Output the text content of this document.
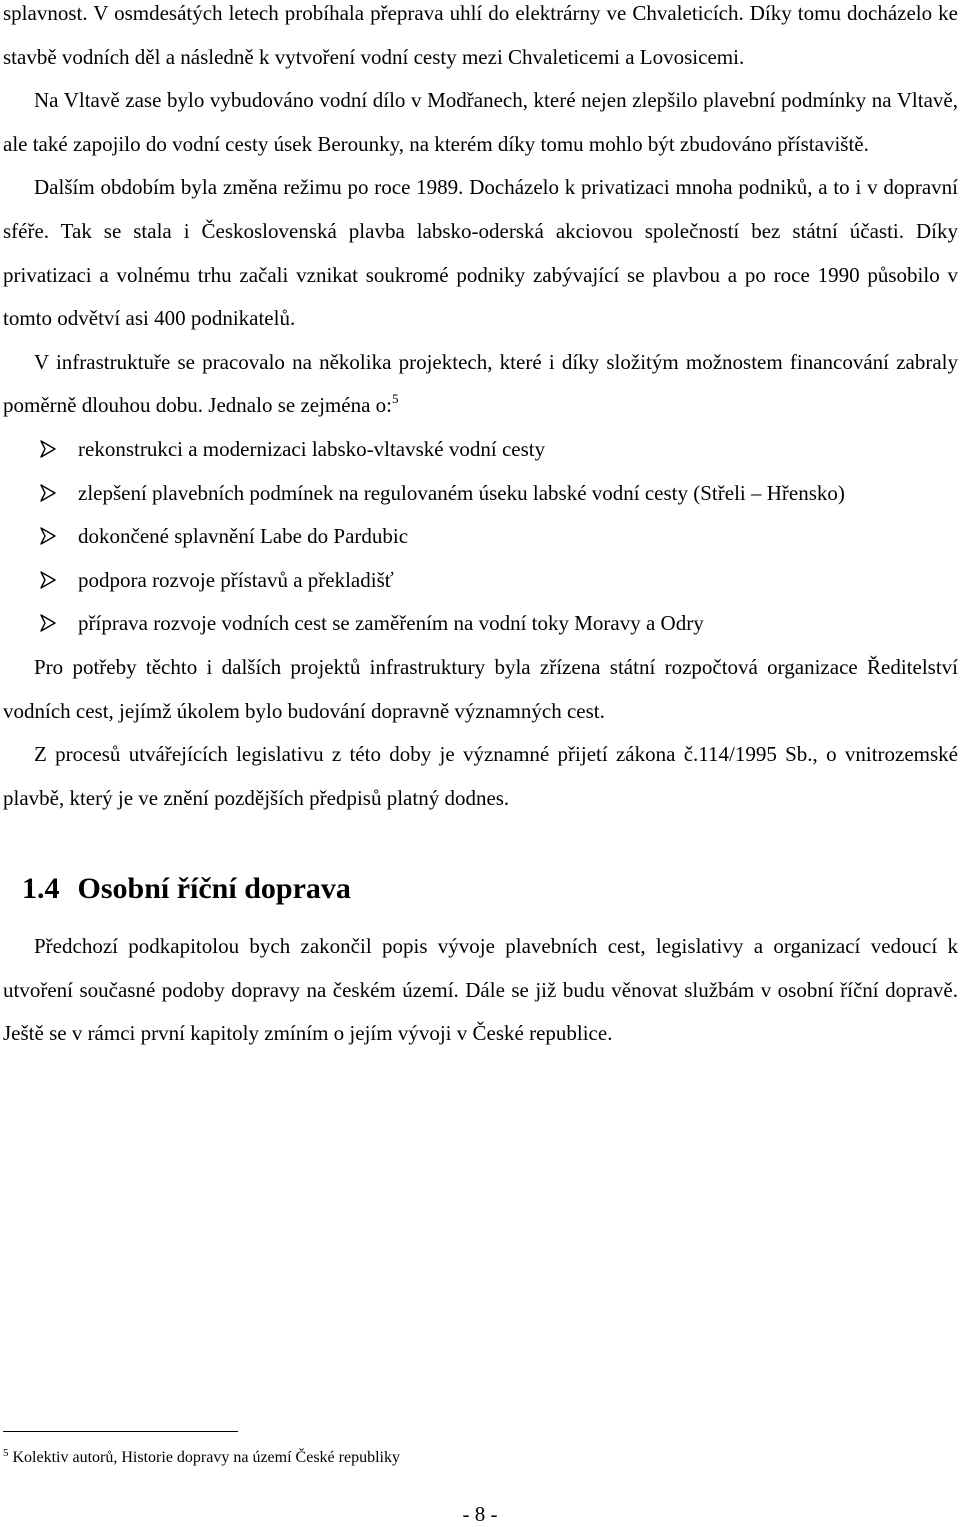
splavnost. V osmdesátých letech probíhala přeprava uhlí do elektrárny ve Chvaleticích. Díky tomu docházelo ke stavbě vodních děl a následně k vytvoření vodní cesty mezi Chvaleticemi a Lovosicemi.

Na Vltavě zase bylo vybudováno vodní dílo v Modřanech, které nejen zlepšilo plavební podmínky na Vltavě, ale také zapojilo do vodní cesty úsek Berounky, na kterém díky tomu mohlo být zbudováno přístaviště.

Dalším obdobím byla změna režimu po roce 1989. Docházelo k privatizaci mnoha podniků, a to i v dopravní sféře. Tak se stala i Československá plavba labsko-oderská akciovou společností bez státní účasti. Díky privatizaci a volnému trhu začali vznikat soukromé podniky zabývající se plavbou a po roce 1990 působilo v tomto odvětví asi 400 podnikatelů.

V infrastruktuře se pracovalo na několika projektech, které i díky složitým možnostem financování zabraly poměrně dlouhou dobu. Jednalo se zejména o:$^5$

rekonstrukci a modernizaci labsko-vltavské vodní cesty
zlepšení plavebních podmínek na regulovaném úseku labské vodní cesty (Střeli – Hřensko)
dokončené splavnění Labe do Pardubic
podpora rozvoje přístavů a překladišť
příprava rozvoje vodních cest se zaměřením na vodní toky Moravy a Odry

Pro potřeby těchto i dalších projektů infrastruktury byla zřízena státní rozpočtová organizace Ředitelství vodních cest, jejímž úkolem bylo budování dopravně významných cest.

Z procesů utvářejících legislativu z této doby je významné přijetí zákona č.114/1995 Sb., o vnitrozemské plavbě, který je ve znění pozdějších předpisů platný dodnes.

1.4 Osobní říční doprava

Předchozí podkapitolou bych zakončil popis vývoje plavebních cest, legislativy a organizací vedoucí k utvoření současné podoby dopravy na českém území. Dále se již budu věnovat službám v osobní říční dopravě. Ještě se v rámci první kapitoly zmíním o jejím vývoji v České republice.

$^5$ Kolektiv autorů, Historie dopravy na území České republiky
- 8 -
